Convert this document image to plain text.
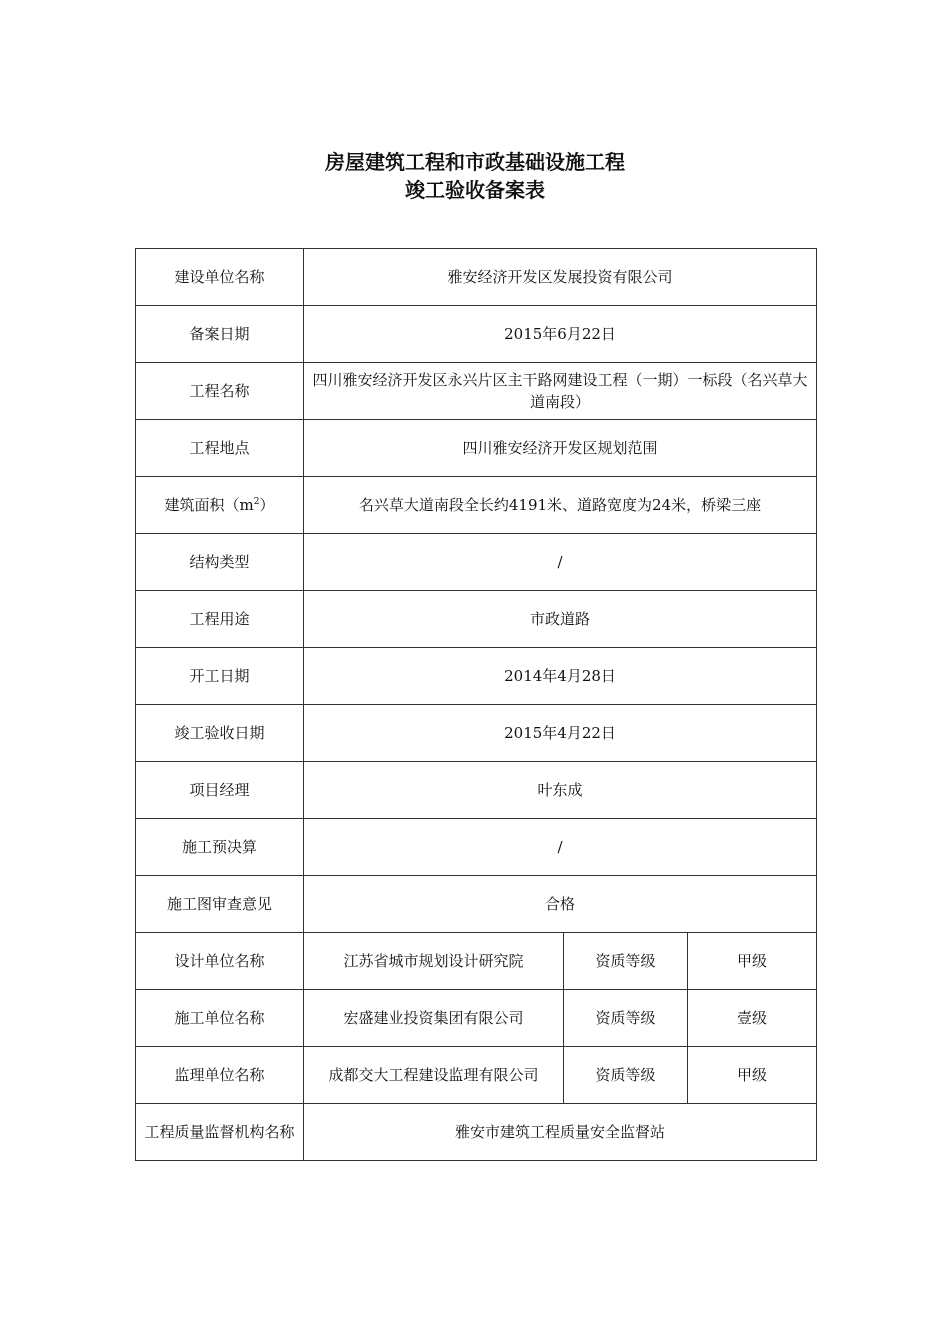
房屋建筑工程和市政基础设施工程
竣工验收备案表
建设单位名称	雅安经济开发区发展投资有限公司		
备案日期	2015年6月22日		
工程名称	四川雅安经济开发区永兴片区主干路网建设工程（一期）一标段（名兴草大道南段）		
工程地点	四川雅安经济开发区规划范围		
建筑面积$(m^2)$	名兴草大道南段全长约4191米、道路宽度为24米，桥梁三座		
结构类型	/		
工程用途	市政道路		
开工日期	2014年4月28日		
竣工验收日期	2015年4月22日		
项目经理	叶东成		
施工预决算	/		
施工图审查意见	合格		
设计单位名称	江苏省城市规划设计研究院	资质等级	甲级
施工单位名称	宏盛建业投资集团有限公司	资质等级	壹级
监理单位名称	成都交大工程建设监理有限公司	资质等级	甲级
工程质量监督机构名称	雅安市建筑工程质量安全监督站		
